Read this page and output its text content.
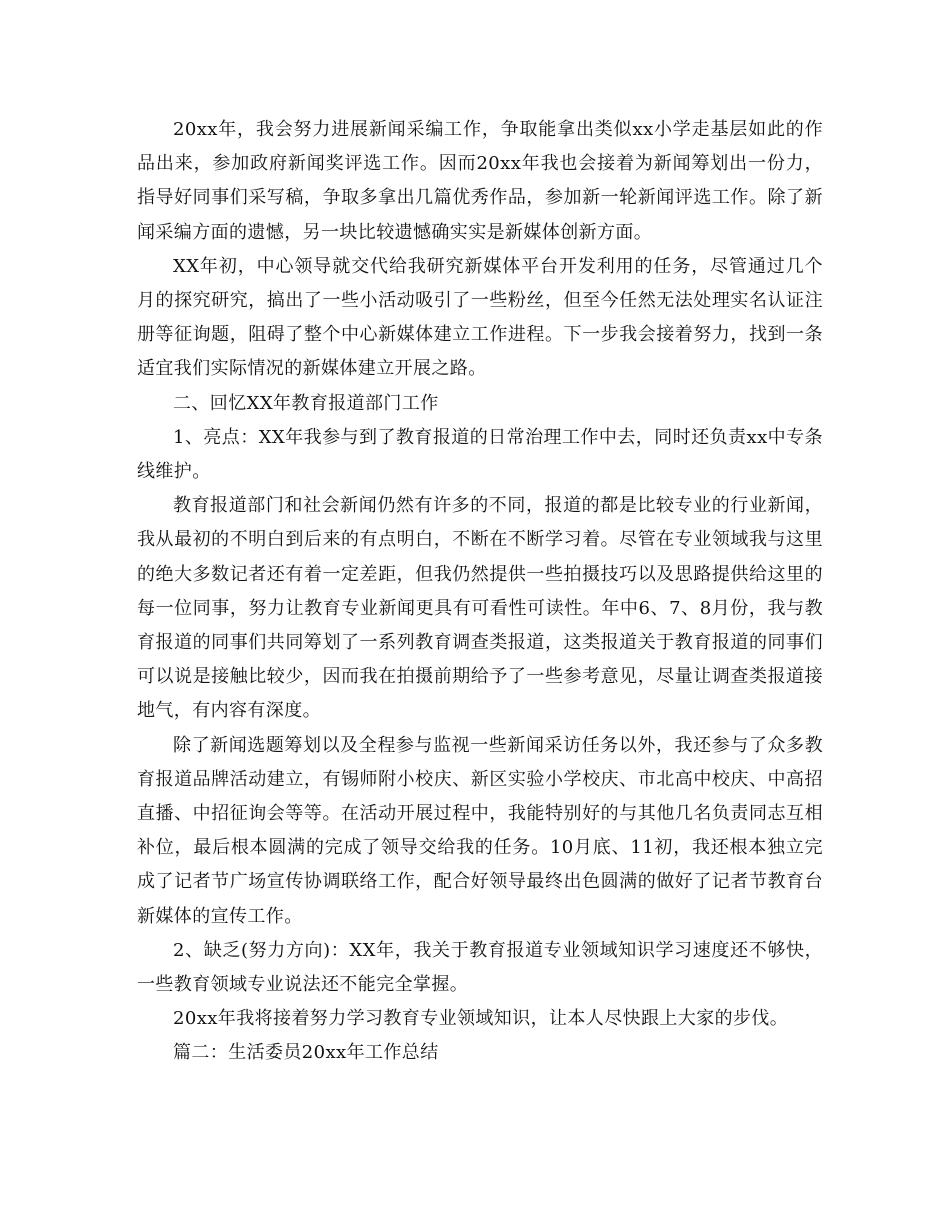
20xx年，我会努力进展新闻采编工作，争取能拿出类似xx小学走基层如此的作品出来，参加政府新闻奖评选工作。因而20xx年我也会接着为新闻筹划出一份力，指导好同事们采写稿，争取多拿出几篇优秀作品，参加新一轮新闻评选工作。除了新闻采编方面的遗憾，另一块比较遗憾确实实是新媒体创新方面。

XX年初，中心领导就交代给我研究新媒体平台开发利用的任务，尽管通过几个月的探究研究，搞出了一些小活动吸引了一些粉丝，但至今任然无法处理实名认证注册等征询题，阻碍了整个中心新媒体建立工作进程。下一步我会接着努力，找到一条适宜我们实际情况的新媒体建立开展之路。

二、回忆XX年教育报道部门工作

1、亮点：XX年我参与到了教育报道的日常治理工作中去，同时还负责xx中专条线维护。

教育报道部门和社会新闻仍然有许多的不同，报道的都是比较专业的行业新闻，我从最初的不明白到后来的有点明白，不断在不断学习着。尽管在专业领域我与这里的绝大多数记者还有着一定差距，但我仍然提供一些拍摄技巧以及思路提供给这里的每一位同事，努力让教育专业新闻更具有可看性可读性。年中6、7、8月份，我与教育报道的同事们共同筹划了一系列教育调查类报道，这类报道关于教育报道的同事们可以说是接触比较少，因而我在拍摄前期给予了一些参考意见，尽量让调查类报道接地气，有内容有深度。

除了新闻选题筹划以及全程参与监视一些新闻采访任务以外，我还参与了众多教育报道品牌活动建立，有锡师附小校庆、新区实验小学校庆、市北高中校庆、中高招直播、中招征询会等等。在活动开展过程中，我能特别好的与其他几名负责同志互相补位，最后根本圆满的完成了领导交给我的任务。10月底、11初，我还根本独立完成了记者节广场宣传协调联络工作，配合好领导最终出色圆满的做好了记者节教育台新媒体的宣传工作。

2、缺乏(努力方向)：XX年，我关于教育报道专业领域知识学习速度还不够快，一些教育领域专业说法还不能完全掌握。

20xx年我将接着努力学习教育专业领域知识，让本人尽快跟上大家的步伐。

篇二：生活委员20xx年工作总结
